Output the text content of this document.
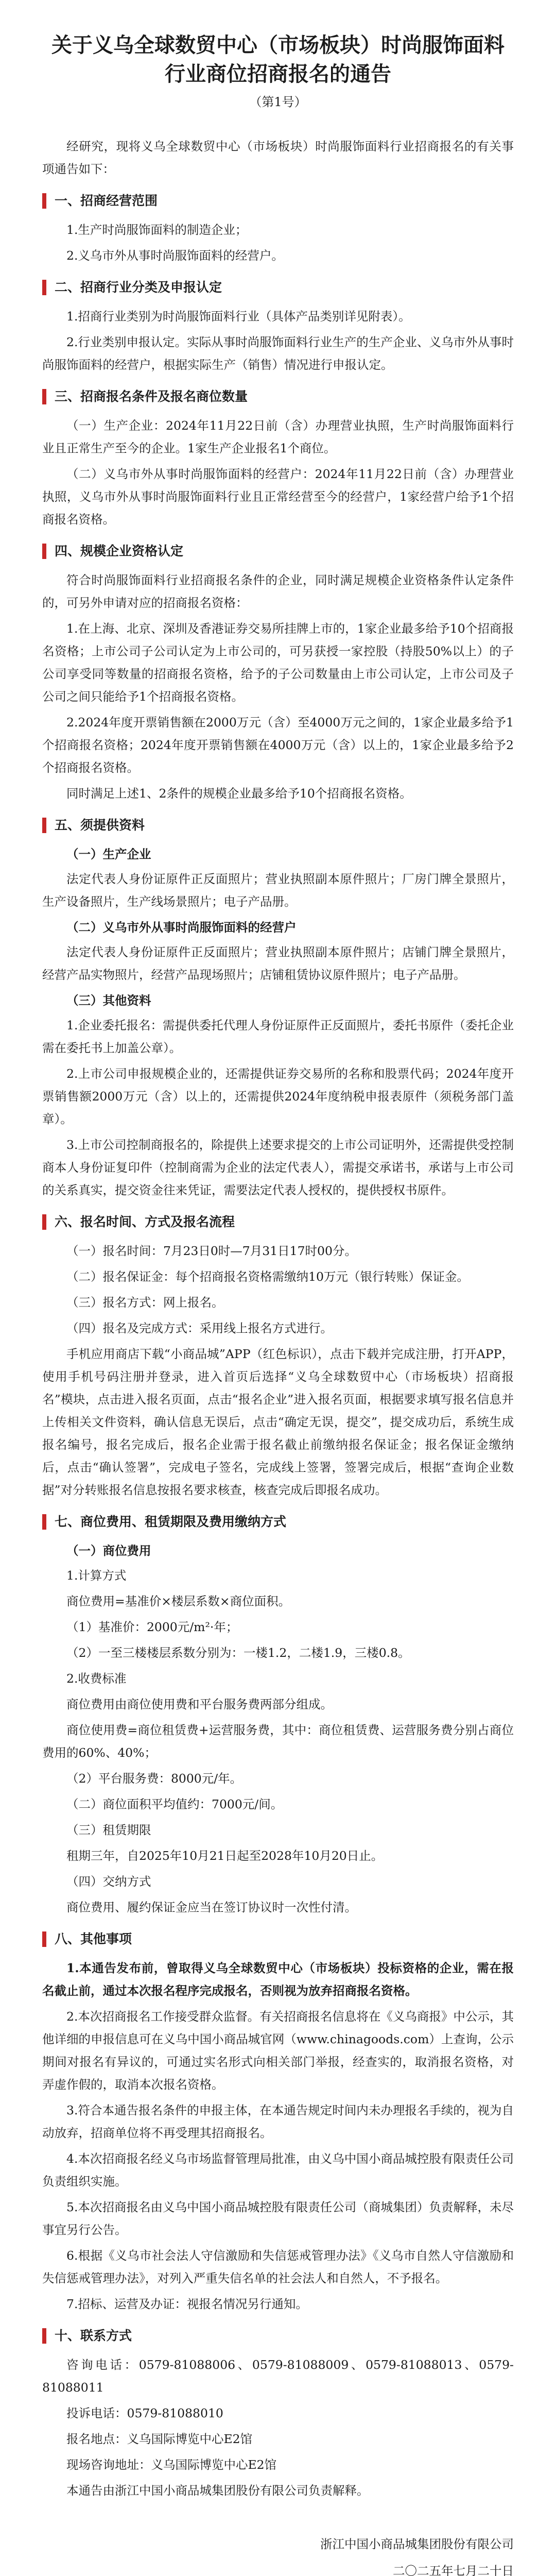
关于义乌全球数贸中心（市场板块）时尚服饰面料行业商位招商报名的通告
（第1号）

经研究，现将义乌全球数贸中心（市场板块）时尚服饰面料行业招商报名的有关事项通告如下：

一、招商经营范围

1.生产时尚服饰面料的制造企业；

2.义乌市外从事时尚服饰面料的经营户。

二、招商行业分类及申报认定

1.招商行业类别为时尚服饰面料行业（具体产品类别详见附表）。

2.行业类别申报认定。实际从事时尚服饰面料行业生产的生产企业、义乌市外从事时尚服饰面料的经营户，根据实际生产（销售）情况进行申报认定。

三、招商报名条件及报名商位数量

（一）生产企业：2024年11月22日前（含）办理营业执照，生产时尚服饰面料行业且正常生产至今的企业。1家生产企业报名1个商位。

（二）义乌市外从事时尚服饰面料的经营户：2024年11月22日前（含）办理营业执照，义乌市外从事时尚服饰面料行业且正常经营至今的经营户，1家经营户给予1个招商报名资格。

四、规模企业资格认定

符合时尚服饰面料行业招商报名条件的企业，同时满足规模企业资格条件认定条件的，可另外申请对应的招商报名资格：

1.在上海、北京、深圳及香港证券交易所挂牌上市的，1家企业最多给予10个招商报名资格；上市公司子公司认定为上市公司的，可另获授一家控股（持股50%以上）的子公司享受同等数量的招商报名资格，给予的子公司数量由上市公司认定，上市公司及子公司之间只能给予1个招商报名资格。

2.2024年度开票销售额在2000万元（含）至4000万元之间的，1家企业最多给予1个招商报名资格；2024年度开票销售额在4000万元（含）以上的，1家企业最多给予2个招商报名资格。

同时满足上述1、2条件的规模企业最多给予10个招商报名资格。

五、须提供资料
（一）生产企业

法定代表人身份证原件正反面照片；营业执照副本原件照片；厂房门牌全景照片，生产设备照片，生产线场景照片；电子产品册。

（二）义乌市外从事时尚服饰面料的经营户

法定代表人身份证原件正反面照片；营业执照副本原件照片；店铺门牌全景照片，经营产品实物照片，经营产品现场照片；店铺租赁协议原件照片；电子产品册。

（三）其他资料

1.企业委托报名：需提供委托代理人身份证原件正反面照片，委托书原件（委托企业需在委托书上加盖公章）。

2.上市公司申报规模企业的，还需提供证券交易所的名称和股票代码；2024年度开票销售额2000万元（含）以上的，还需提供2024年度纳税申报表原件（须税务部门盖章）。

3.上市公司控制商报名的，除提供上述要求提交的上市公司证明外，还需提供受控制商本人身份证复印件（控制商需为企业的法定代表人），需提交承诺书，承诺与上市公司的关系真实，提交资金往来凭证，需要法定代表人授权的，提供授权书原件。

六、报名时间、方式及报名流程

（一）报名时间：7月23日0时—7月31日17时00分。

（二）报名保证金：每个招商报名资格需缴纳10万元（银行转账）保证金。

（三）报名方式：网上报名。

（四）报名及完成方式：采用线上报名方式进行。

手机应用商店下载“小商品城”APP（红色标识），点击下载并完成注册，打开APP，使用手机号码注册并登录，进入首页后选择“义乌全球数贸中心（市场板块）招商报名”模块，点击进入报名页面，点击“报名企业”进入报名页面，根据要求填写报名信息并上传相关文件资料，确认信息无误后，点击“确定无误，提交”，提交成功后，系统生成报名编号，报名完成后，报名企业需于报名截止前缴纳报名保证金；报名保证金缴纳后，点击“确认签署”，完成电子签名，完成线上签署，签署完成后，根据“查询企业数据”对分转账报名信息按报名要求核查，核查完成后即报名成功。

七、商位费用、租赁期限及费用缴纳方式
（一）商位费用

1.计算方式

商位费用=基准价×楼层系数×商位面积。

（1）基准价：2000元/m²·年；

（2）一至三楼楼层系数分别为：一楼1.2，二楼1.9，三楼0.8。

2.收费标准

商位费用由商位使用费和平台服务费两部分组成。

商位使用费=商位租赁费+运营服务费，其中：商位租赁费、运营服务费分别占商位费用的60%、40%；

（2）平台服务费：8000元/年。

（二）商位面积平均值约：7000元/间。

（三）租赁期限

租期三年，自2025年10月21日起至2028年10月20日止。

（四）交纳方式

商位费用、履约保证金应当在签订协议时一次性付清。

八、其他事项

1.本通告发布前，曾取得义乌全球数贸中心（市场板块）投标资格的企业，需在报名截止前，通过本次报名程序完成报名，否则视为放弃招商报名资格。

2.本次招商报名工作接受群众监督。有关招商报名信息将在《义乌商报》中公示，其他详细的申报信息可在义乌中国小商品城官网（www.chinagoods.com）上查询，公示期间对报名有异议的，可通过实名形式向相关部门举报，经查实的，取消报名资格，对弄虚作假的，取消本次报名资格。

3.符合本通告报名条件的申报主体，在本通告规定时间内未办理报名手续的，视为自动放弃，招商单位将不再受理其招商报名。

4.本次招商报名经义乌市场监督管理局批准，由义乌中国小商品城控股有限责任公司负责组织实施。

5.本次招商报名由义乌中国小商品城控股有限责任公司（商城集团）负责解释，未尽事宜另行公告。

6.根据《义乌市社会法人守信激励和失信惩戒管理办法》《义乌市自然人守信激励和失信惩戒管理办法》，对列入严重失信名单的社会法人和自然人，不予报名。

7.招标、运营及办证：视报名情况另行通知。

十、联系方式

咨询电话：0579-81088006、0579-81088009、0579-81088013、0579-81088011

投诉电话：0579-81088010

报名地点：义乌国际博览中心E2馆

现场咨询地址：义乌国际博览中心E2馆

本通告由浙江中国小商品城集团股份有限公司负责解释。

浙江中国小商品城集团股份有限公司
二〇二五年七月二十日
